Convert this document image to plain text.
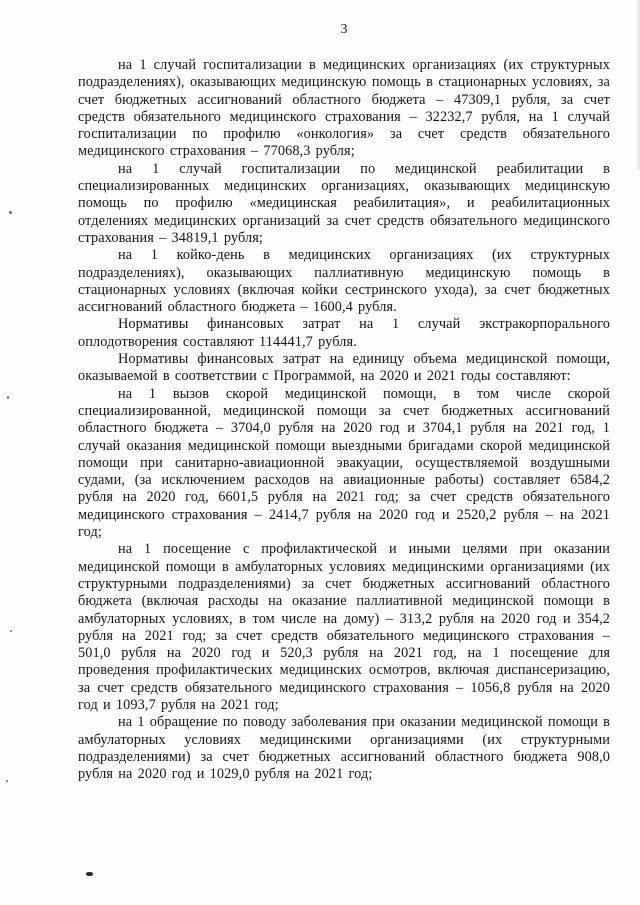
3

на 1 случай госпитализации в медицинских организациях (их структурных подразделениях), оказывающих медицинскую помощь в стационарных условиях, за счет бюджетных ассигнований областного бюджета – 47309,1 рубля, за счет средств обязательного медицинского страхования – 32232,7 рубля, на 1 случай госпитализации по профилю «онкология» за счет средств обязательного медицинского страхования – 77068,3 рубля;

на 1 случай госпитализации по медицинской реабилитации в специализированных медицинских организациях, оказывающих медицинскую помощь по профилю «медицинская реабилитация», и реабилитационных отделениях медицинских организаций за счет средств обязательного медицинского страхования – 34819,1 рубля;

на 1 койко-день в медицинских организациях (их структурных подразделениях), оказывающих паллиативную медицинскую помощь в стационарных условиях (включая койки сестринского ухода), за счет бюджетных ассигнований областного бюджета – 1600,4 рубля.

Нормативы финансовых затрат на 1 случай экстракорпорального оплодотворения составляют 114441,7 рубля.

Нормативы финансовых затрат на единицу объема медицинской помощи, оказываемой в соответствии с Программой, на 2020 и 2021 годы составляют:

на 1 вызов скорой медицинской помощи, в том числе скорой специализированной, медицинской помощи за счет бюджетных ассигнований областного бюджета – 3704,0 рубля на 2020 год и 3704,1 рубля на 2021 год, 1 случай оказания медицинской помощи выездными бригадами скорой медицинской помощи при санитарно-авиационной эвакуации, осуществляемой воздушными судами, (за исключением расходов на авиационные работы) составляет 6584,2 рубля на 2020 год, 6601,5 рубля на 2021 год; за счет средств обязательного медицинского страхования – 2414,7 рубля на 2020 год и 2520,2 рубля – на 2021 год;

на 1 посещение с профилактической и иными целями при оказании медицинской помощи в амбулаторных условиях медицинскими организациями (их структурными подразделениями) за счет бюджетных ассигнований областного бюджета (включая расходы на оказание паллиативной медицинской помощи в амбулаторных условиях, в том числе на дому) – 313,2 рубля на 2020 год и 354,2 рубля на 2021 год; за счет средств обязательного медицинского страхования – 501,0 рубля на 2020 год и 520,3 рубля на 2021 год, на 1 посещение для проведения профилактических медицинских осмотров, включая диспансеризацию, за счет средств обязательного медицинского страхования – 1056,8 рубля на 2020 год и 1093,7 рубля на 2021 год;

на 1 обращение по поводу заболевания при оказании медицинской помощи в амбулаторных условиях медицинскими организациями (их структурными подразделениями) за счет бюджетных ассигнований областного бюджета 908,0 рубля на 2020 год и 1029,0 рубля на 2021 год;
